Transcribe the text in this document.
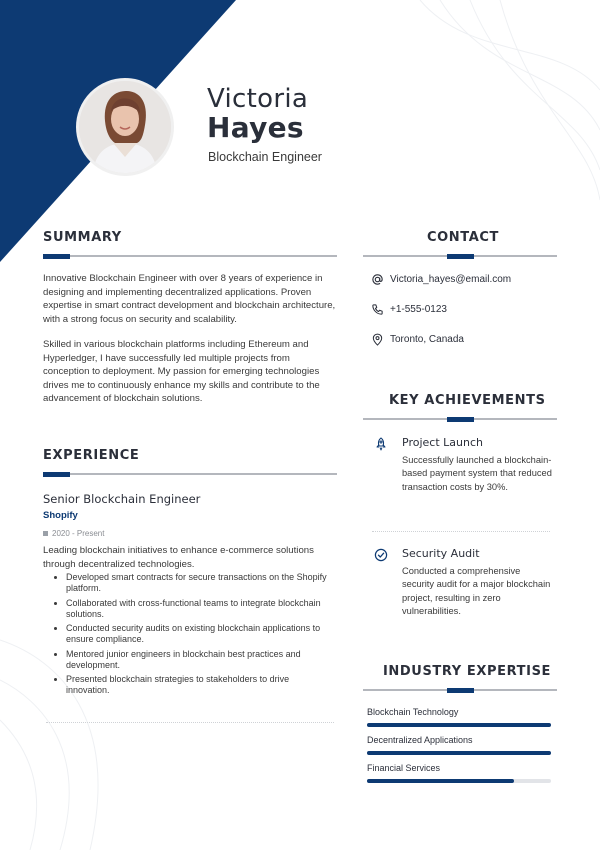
Victoria
Hayes
Blockchain Engineer
SUMMARY
Innovative Blockchain Engineer with over 8 years of experience in designing and implementing decentralized applications. Proven expertise in smart contract development and blockchain architecture, with a strong focus on security and scalability.
Skilled in various blockchain platforms including Ethereum and Hyperledger, I have successfully led multiple projects from conception to deployment. My passion for emerging technologies drives me to continuously enhance my skills and contribute to the advancement of blockchain solutions.
EXPERIENCE
Senior Blockchain Engineer
Shopify
2020 - Present
Leading blockchain initiatives to enhance e-commerce solutions through decentralized technologies.
Developed smart contracts for secure transactions on the Shopify platform.
Collaborated with cross-functional teams to integrate blockchain solutions.
Conducted security audits on existing blockchain applications to ensure compliance.
Mentored junior engineers in blockchain best practices and development.
Presented blockchain strategies to stakeholders to drive innovation.
CONTACT
Victoria_hayes@email.com
+1-555-0123
Toronto, Canada
KEY ACHIEVEMENTS
Project Launch
Successfully launched a blockchain-based payment system that reduced transaction costs by 30%.
Security Audit
Conducted a comprehensive security audit for a major blockchain project, resulting in zero vulnerabilities.
INDUSTRY EXPERTISE
Blockchain Technology
Decentralized Applications
Financial Services
